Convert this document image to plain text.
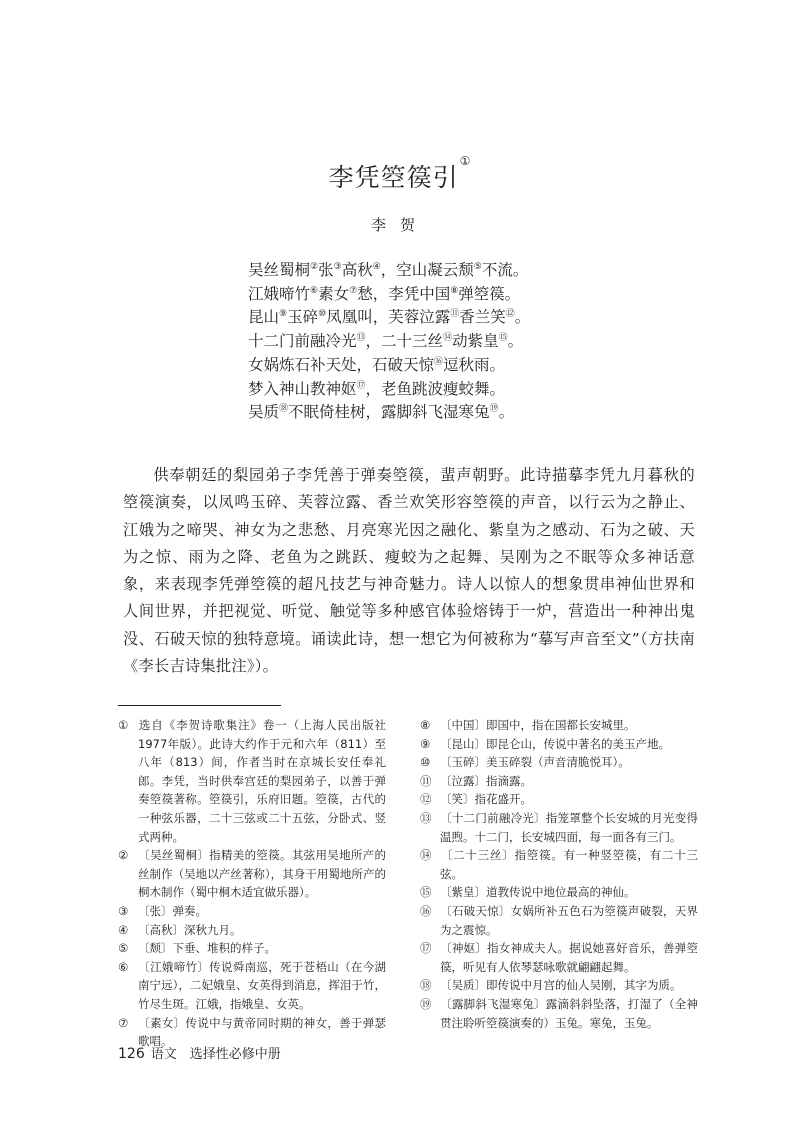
李凭箜篌引①
李贺
吴丝蜀桐②张③高秋④，空山凝云颓⑤不流。
江娥啼竹⑥素女⑦愁，李凭中国⑧弹箜篌。
昆山⑨玉碎⑩凤凰叫，芙蓉泣露⑪香兰笑⑫。
十二门前融冷光⑬，二十三丝⑭动紫皇⑮。
女娲炼石补天处，石破天惊⑯逗秋雨。
梦入神山教神妪⑰，老鱼跳波瘦蛟舞。
吴质⑱不眠倚桂树，露脚斜飞湿寒兔⑲。
供奉朝廷的梨园弟子李凭善于弹奏箜篌，蜚声朝野。此诗描摹李凭九月暮秋的箜篌演奏，以凤鸣玉碎、芙蓉泣露、香兰欢笑形容箜篌的声音，以行云为之静止、江娥为之啼哭、神女为之悲愁、月亮寒光因之融化、紫皇为之感动、石为之破、天为之惊、雨为之降、老鱼为之跳跃、瘦蛟为之起舞、吴刚为之不眠等众多神话意象，来表现李凭弹箜篌的超凡技艺与神奇魅力。诗人以惊人的想象贯串神仙世界和人间世界，并把视觉、听觉、触觉等多种感官体验熔铸于一炉，营造出一种神出鬼没、石破天惊的独特意境。诵读此诗，想一想它为何被称为“摹写声音至文”（方扶南《李长吉诗集批注》）。
① 选自《李贺诗歌集注》卷一（上海人民出版社1977年版）。此诗大约作于元和六年（811）至八年（813）间，作者当时在京城长安任奉礼郎。李凭，当时供奉宫廷的梨园弟子，以善于弹奏箜篌著称。箜篌引，乐府旧题。箜篌，古代的一种弦乐器，二十三弦或二十五弦，分卧式、竖式两种。
② 〔吴丝蜀桐〕指精美的箜篌。其弦用吴地所产的丝制作（吴地以产丝著称），其身干用蜀地所产的桐木制作（蜀中桐木适宜做乐器）。
③ 〔张〕弹奏。
④ 〔高秋〕深秋九月。
⑤ 〔颓〕下垂、堆积的样子。
⑥ 〔江娥啼竹〕传说舜南巡，死于苍梧山（在今湖南宁远），二妃娥皇、女英得到消息，挥泪于竹，竹尽生斑。江娥，指娥皇、女英。
⑦ 〔素女〕传说中与黄帝同时期的神女，善于弹瑟歌唱。
⑧ 〔中国〕即国中，指在国都长安城里。
⑨ 〔昆山〕即昆仑山，传说中著名的美玉产地。
⑩ 〔玉碎〕美玉碎裂（声音清脆悦耳）。
⑪ 〔泣露〕指滴露。
⑫ 〔笑〕指花盛开。
⑬ 〔十二门前融冷光〕指笼罩整个长安城的月光变得温煦。十二门，长安城四面，每一面各有三门。
⑭ 〔二十三丝〕指箜篌。有一种竖箜篌，有二十三弦。
⑮ 〔紫皇〕道教传说中地位最高的神仙。
⑯ 〔石破天惊〕女娲所补五色石为箜篌声破裂，天界为之震惊。
⑰ 〔神妪〕指女神成夫人。据说她喜好音乐，善弹箜篌，听见有人依琴瑟咏歌就翩翩起舞。
⑱ 〔吴质〕即传说中月宫的仙人吴刚，其字为质。
⑲ 〔露脚斜飞湿寒兔〕露滴斜斜坠落，打湿了（全神贯注聆听箜篌演奏的）玉兔。寒兔，玉兔。
126 语文　选择性必修中册
